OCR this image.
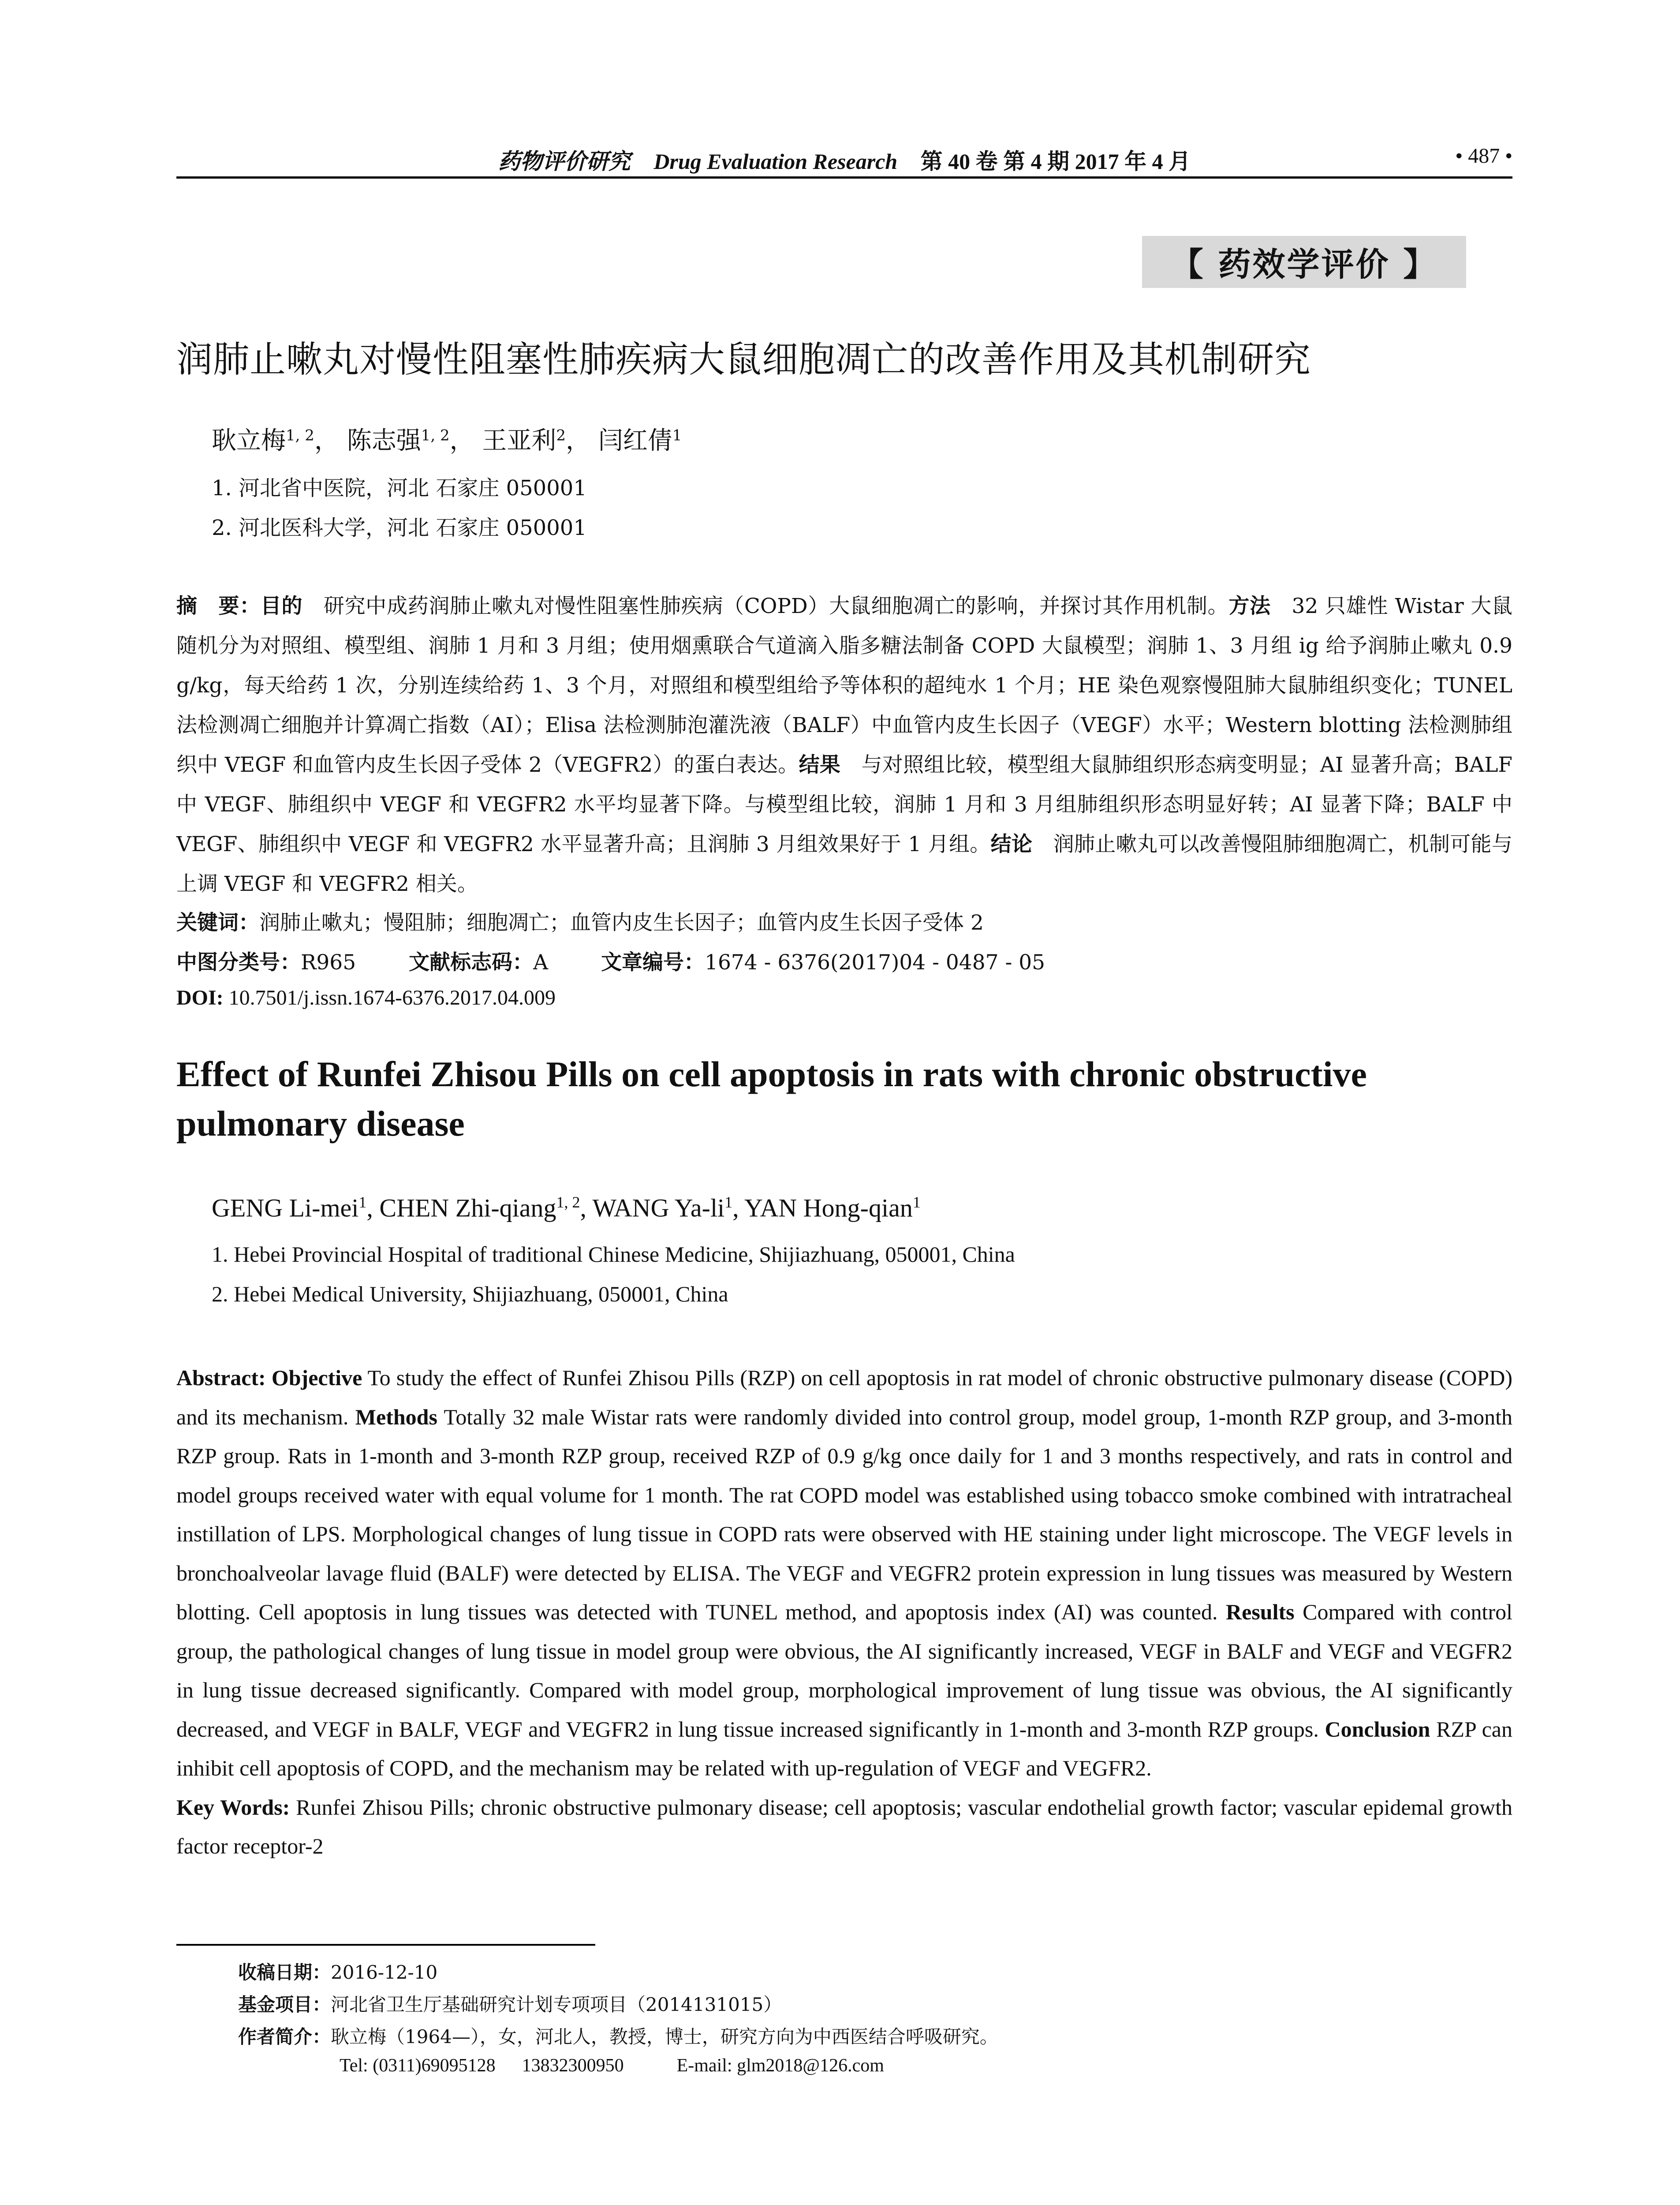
药物评价研究 Drug Evaluation Research 第 40 卷 第 4 期 2017 年 4 月	• 487 •
【 药效学评价 】
润肺止嗽丸对慢性阻塞性肺疾病大鼠细胞凋亡的改善作用及其机制研究
耿立梅$^{1, 2}$， 陈志强$^{1, 2}$， 王亚利$^2$， 闫红倩$^1$
1. 河北省中医院，河北 石家庄 050001
2. 河北医科大学，河北 石家庄 050001

摘　要：目的　研究中成药润肺止嗽丸对慢性阻塞性肺疾病（COPD）大鼠细胞凋亡的影响，并探讨其作用机制。方法　32 只雄性 Wistar 大鼠随机分为对照组、模型组、润肺 1 月和 3 月组；使用烟熏联合气道滴入脂多糖法制备 COPD 大鼠模型；润肺 1、3 月组 ig 给予润肺止嗽丸 0.9 g/kg，每天给药 1 次，分别连续给药 1、3 个月，对照组和模型组给予等体积的超纯水 1 个月；HE 染色观察慢阻肺大鼠肺组织变化；TUNEL 法检测凋亡细胞并计算凋亡指数（AI）；Elisa 法检测肺泡灌洗液（BALF）中血管内皮生长因子（VEGF）水平；Western blotting 法检测肺组织中 VEGF 和血管内皮生长因子受体 2（VEGFR2）的蛋白表达。结果　与对照组比较，模型组大鼠肺组织形态病变明显；AI 显著升高；BALF 中 VEGF、肺组织中 VEGF 和 VEGFR2 水平均显著下降。与模型组比较，润肺 1 月和 3 月组肺组织形态明显好转；AI 显著下降；BALF 中 VEGF、肺组织中 VEGF 和 VEGFR2 水平显著升高；且润肺 3 月组效果好于 1 月组。结论　润肺止嗽丸可以改善慢阻肺细胞凋亡，机制可能与上调 VEGF 和 VEGFR2 相关。

关键词：润肺止嗽丸；慢阻肺；细胞凋亡；血管内皮生长因子；血管内皮生长因子受体 2
中图分类号：R965	文献标志码：A	文章编号：1674 - 6376(2017)04 - 0487 - 05
DOI: 10.7501/j.issn.1674-6376.2017.04.009
Effect of Runfei Zhisou Pills on cell apoptosis in rats with chronic obstructive pulmonary disease
GENG Li-mei$^1$, CHEN Zhi-qiang$^{1, 2}$, WANG $Ya-li^1$, YAN Hong-qian$^1$
1. Hebei Provincial Hospital of traditional Chinese Medicine, Shijiazhuang, 050001, China
2. Hebei Medical University, Shijiazhuang, 050001, China

Abstract: Objective To study the effect of Runfei Zhisou Pills (RZP) on cell apoptosis in rat model of chronic obstructive pulmonary disease (COPD) and its mechanism. Methods Totally 32 male Wistar rats were randomly divided into control group, model group, 1-month RZP group, and 3-month RZP group. Rats in 1-month and 3-month RZP group, received RZP of 0.9 g/kg once daily for 1 and 3 months respectively, and rats in control and model groups received water with equal volume for 1 month. The rat COPD model was established using tobacco smoke combined with intratracheal instillation of LPS. Morphological changes of lung tissue in COPD rats were observed with HE staining under light microscope. The VEGF levels in bronchoalveolar lavage fluid (BALF) were detected by ELISA. The VEGF and VEGFR2 protein expression in lung tissues was measured by Western blotting. Cell apoptosis in lung tissues was detected with TUNEL method, and apoptosis index (AI) was counted. Results Compared with control group, the pathological changes of lung tissue in model group were obvious, the AI significantly increased, VEGF in BALF and VEGF and VEGFR2 in lung tissue decreased significantly. Compared with model group, morphological improvement of lung tissue was obvious, the AI significantly decreased, and VEGF in BALF, VEGF and VEGFR2 in lung tissue increased significantly in 1-month and 3-month RZP groups. Conclusion RZP can inhibit cell apoptosis of COPD, and the mechanism may be related with up-regulation of VEGF and VEGFR2.

Key Words: Runfei Zhisou Pills; chronic obstructive pulmonary disease; cell apoptosis; vascular endothelial growth factor; vascular epidemal growth factor receptor-2

收稿日期：2016-12-10
基金项目：河北省卫生厅基础研究计划专项项目（2014131015）
作者简介：耿立梅（1964—），女，河北人，教授，博士，研究方向为中西医结合呼吸研究。
Tel: (0311)69095128 13832300950	E-mail: glm2018@126.com
